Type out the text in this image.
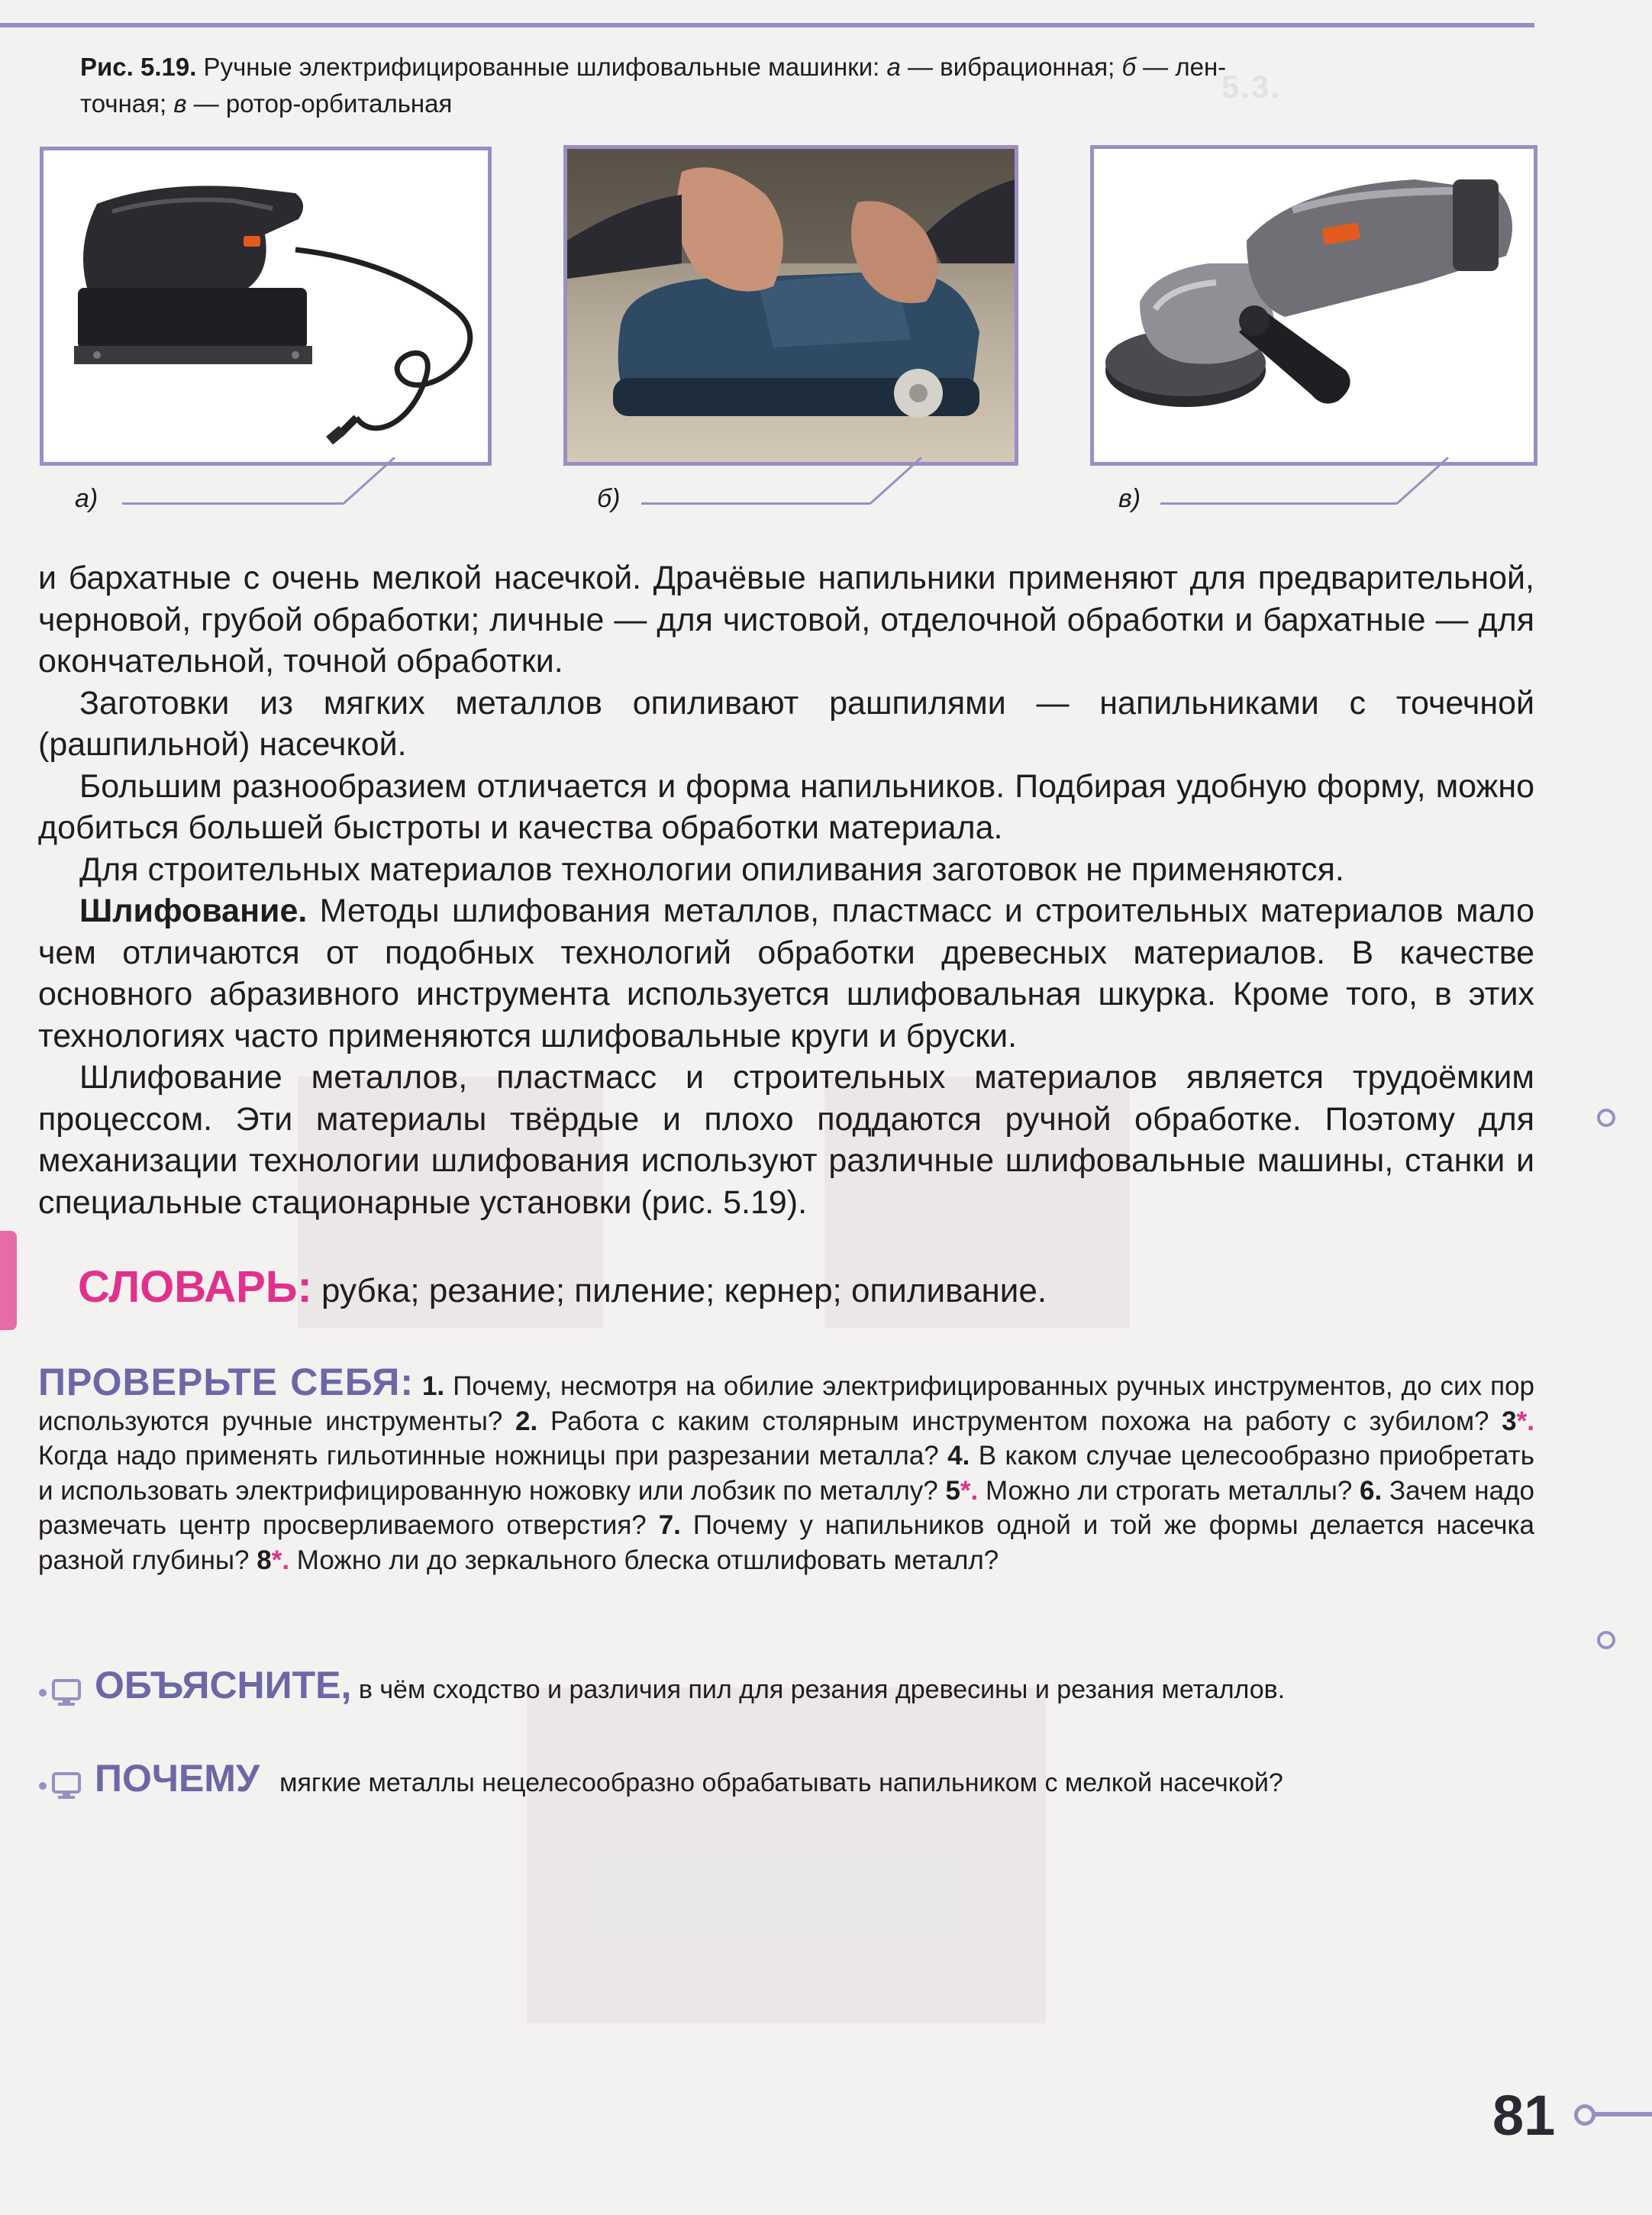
5.3.
Рис. 5.19. Ручные электрифицированные шлифовальные машинки: а — вибрационная; б — лен-
точная; в — ротор-орбитальная
а)	б)	в)

и бархатные с очень мелкой насечкой. Драчёвые напильники применяют для предварительной, черновой, грубой обработки; личные — для чистовой, отделочной обработки и бархатные — для окончательной, точной обработки.

Заготовки из мягких металлов опиливают рашпилями — напильниками с точечной (рашпильной) насечкой.

Большим разнообразием отличается и форма напильников. Подбирая удобную форму, можно добиться большей быстроты и качества обработки материала.

Для строительных материалов технологии опиливания заготовок не применяются.

Шлифование. Методы шлифования металлов, пластмасс и строительных материалов мало чем отличаются от подобных технологий обработки древесных материалов. В качестве основного абразивного инструмента используется шлифовальная шкурка. Кроме того, в этих технологиях часто применяются шлифовальные круги и бруски.

Шлифование металлов, пластмасс и строительных материалов является трудоёмким процессом. Эти материалы твёрдые и плохо поддаются ручной обработке. Поэтому для механизации технологии шлифования используют различные шлифовальные машины, станки и специальные стационарные установки (рис. 5.19).

СЛОВАРЬ: рубка; резание; пиление; кернер; опиливание.
ПРОВЕРЬТЕ СЕБЯ: 1. Почему, несмотря на обилие электрифицированных ручных инструментов, до сих пор используются ручные инструменты? 2. Работа с каким столярным инструментом похожа на работу с зубилом? 3*. Когда надо применять гильотинные ножницы при разрезании металла? 4. В каком случае целесообразно приобретать и использовать электрифицированную ножовку или лобзик по металлу? 5*. Можно ли строгать металлы? 6. Зачем надо размечать центр просверливаемого отверстия? 7. Почему у напильников одной и той же формы делается насечка разной глубины? 8*. Можно ли до зеркального блеска отшлифовать металл?
ОБЪЯСНИТЕ, в чём сходство и различия пил для резания древесины и резания металлов.
ПОЧЕМУ мягкие металлы нецелесообразно обрабатывать напильником с мелкой насечкой?
81
